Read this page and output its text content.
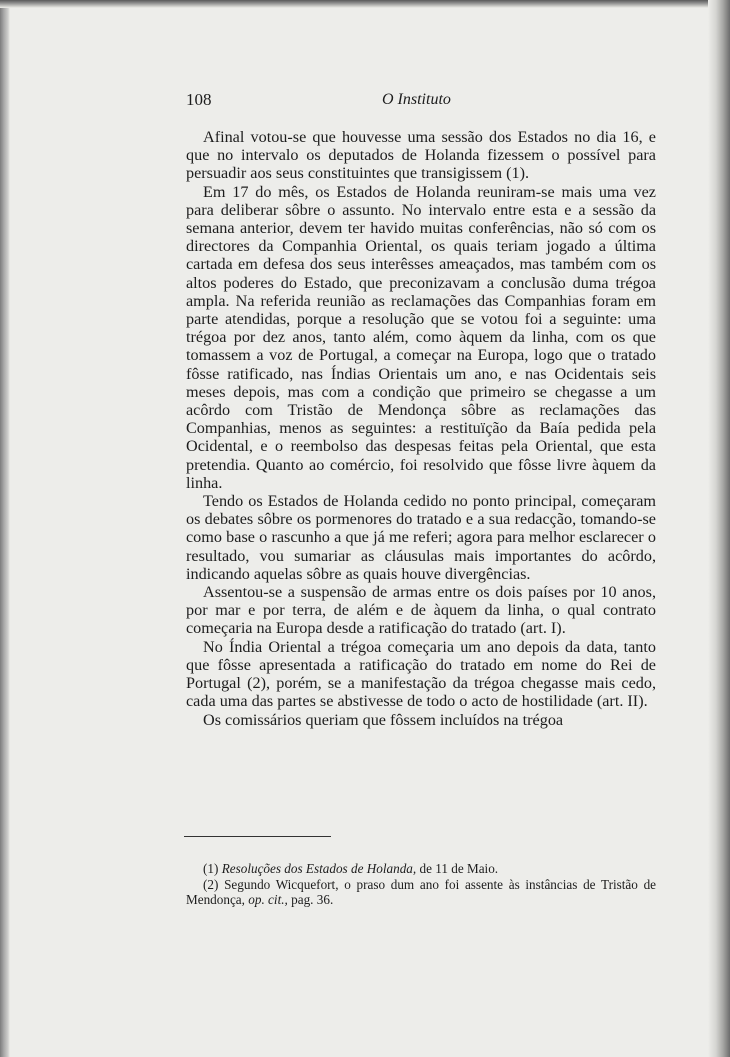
108	O Instituto

Afinal votou-se que houvesse uma sessão dos Estados no dia 16, e que no intervalo os deputados de Holanda fizessem o possível para persuadir aos seus constituintes que transigissem (1).

Em 17 do mês, os Estados de Holanda reuniram-se mais uma vez para deliberar sôbre o assunto. No intervalo entre esta e a sessão da semana anterior, devem ter havido muitas conferências, não só com os directores da Companhia Oriental, os quais teriam jogado a última cartada em defesa dos seus interêsses ameaçados, mas também com os altos poderes do Estado, que preconizavam a conclusão duma trégoa ampla. Na referida reunião as reclamações das Companhias foram em parte atendidas, porque a resolução que se votou foi a seguinte: uma trégoa por dez anos, tanto além, como àquem da linha, com os que tomassem a voz de Portugal, a começar na Europa, logo que o tratado fôsse ratificado, nas Índias Orientais um ano, e nas Ocidentais seis meses depois, mas com a condição que primeiro se chegasse a um acôrdo com Tristão de Mendonça sôbre as reclamações das Companhias, menos as seguintes: a restituïção da Baía pedida pela Ocidental, e o reembolso das despesas feitas pela Oriental, que esta pretendia. Quanto ao comércio, foi resolvido que fôsse livre àquem da linha.

Tendo os Estados de Holanda cedido no ponto principal, começaram os debates sôbre os pormenores do tratado e a sua redacção, tomando-se como base o rascunho a que já me referi; agora para melhor esclarecer o resultado, vou sumariar as cláusulas mais importantes do acôrdo, indicando aquelas sôbre as quais houve divergências.

Assentou-se a suspensão de armas entre os dois países por 10 anos, por mar e por terra, de além e de àquem da linha, o qual contrato começaria na Europa desde a ratificação do tratado (art. I).

No Índia Oriental a trégoa começaria um ano depois da data, tanto que fôsse apresentada a ratificação do tratado em nome do Rei de Portugal (2), porém, se a manifestação da trégoa chegasse mais cedo, cada uma das partes se abstivesse de todo o acto de hostilidade (art. II).

Os comissários queriam que fôssem incluídos na trégoa

(1) Resoluções dos Estados de Holanda, de 11 de Maio.

(2) Segundo Wicquefort, o praso dum ano foi assente às instâncias de Tristão de Mendonça, op. cit., pag. 36.
